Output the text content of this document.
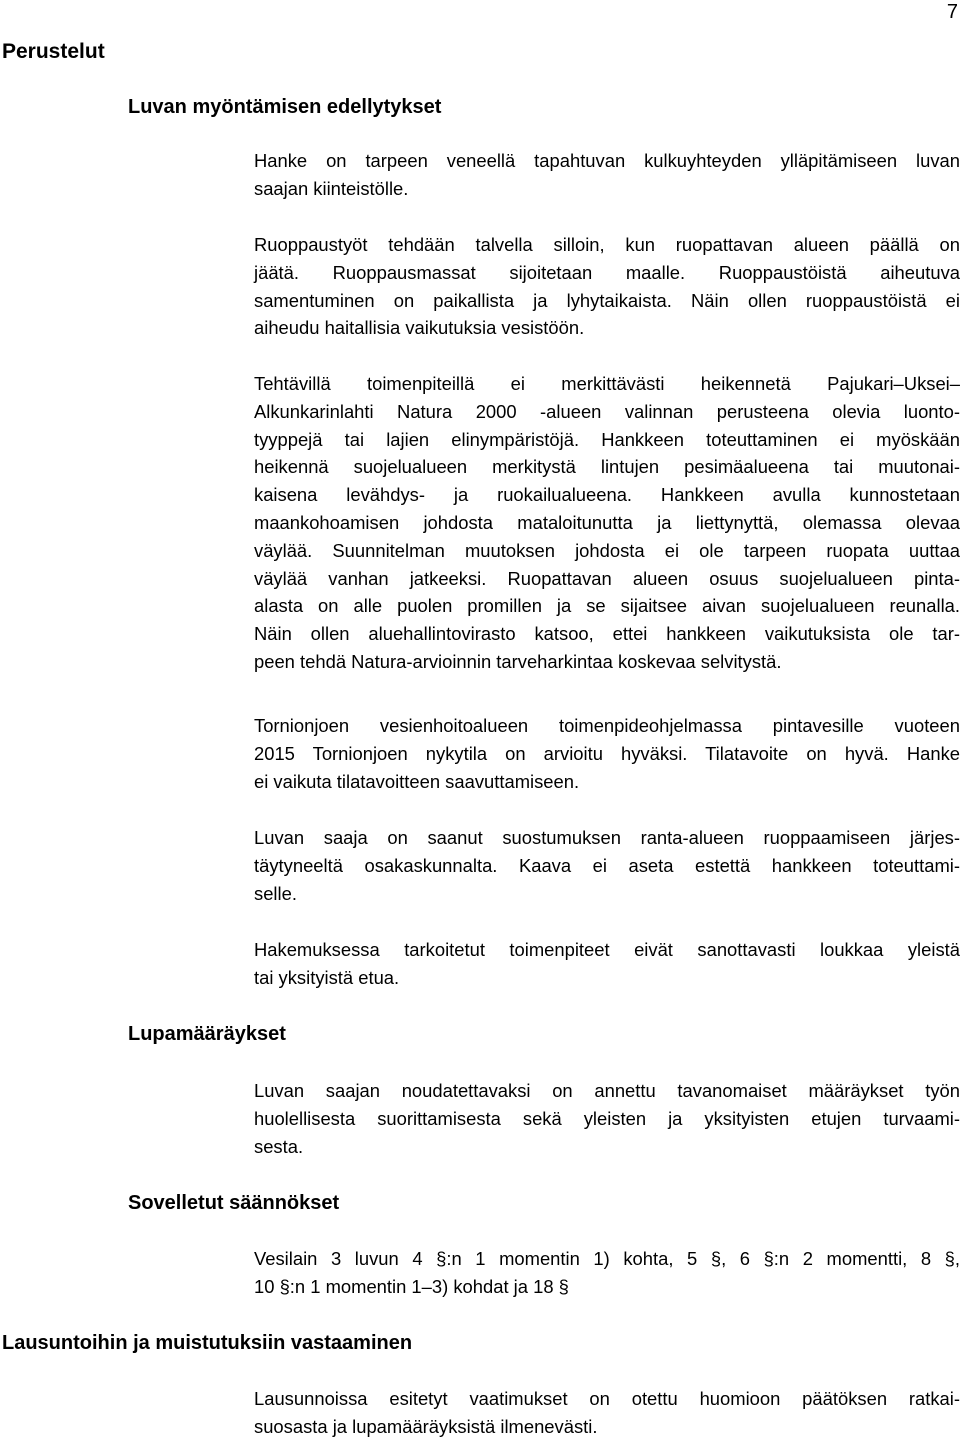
7
Perustelut
Luvan myöntämisen edellytykset
Hanke on tarpeen veneellä tapahtuvan kulkuyhteyden ylläpitämiseen luvan
saajan kiinteistölle.
Ruoppaustyöt tehdään talvella silloin, kun ruopattavan alueen päällä on
jäätä. Ruoppausmassat sijoitetaan maalle. Ruoppaustöistä aiheutuva
samentuminen on paikallista ja lyhytaikaista. Näin ollen ruoppaustöistä ei
aiheudu haitallisia vaikutuksia vesistöön.
Tehtävillä toimenpiteillä ei merkittävästi heikennetä Pajukari–Uksei–
Alkunkarinlahti Natura 2000 -alueen valinnan perusteena olevia luonto-
tyyppejä tai lajien elinympäristöjä. Hankkeen toteuttaminen ei myöskään
heikennä suojelualueen merkitystä lintujen pesimäalueena tai muutonai-
kaisena levähdys- ja ruokailualueena. Hankkeen avulla kunnostetaan
maankohoamisen johdosta mataloitunutta ja liettynyttä, olemassa olevaa
väylää. Suunnitelman muutoksen johdosta ei ole tarpeen ruopata uuttaa
väylää vanhan jatkeeksi. Ruopattavan alueen osuus suojelualueen pinta-
alasta on alle puolen promillen ja se sijaitsee aivan suojelualueen reunalla.
Näin ollen aluehallintovirasto katsoo, ettei hankkeen vaikutuksista ole tar-
peen tehdä Natura-arvioinnin tarveharkintaa koskevaa selvitystä.
Tornionjoen vesienhoitoalueen toimenpideohjelmassa pintavesille vuoteen
2015 Tornionjoen nykytila on arvioitu hyväksi. Tilatavoite on hyvä. Hanke
ei vaikuta tilatavoitteen saavuttamiseen.
Luvan saaja on saanut suostumuksen ranta-alueen ruoppaamiseen järjes-
täytyneeltä osakaskunnalta. Kaava ei aseta estettä hankkeen toteuttami-
selle.
Hakemuksessa tarkoitetut toimenpiteet eivät sanottavasti loukkaa yleistä
tai yksityistä etua.
Lupamääräykset
Luvan saajan noudatettavaksi on annettu tavanomaiset määräykset työn
huolellisesta suorittamisesta sekä yleisten ja yksityisten etujen turvaami-
sesta.
Sovelletut säännökset
Vesilain 3 luvun 4 §:n 1 momentin 1) kohta, 5 §, 6 §:n 2 momentti, 8 §,
10 §:n 1 momentin 1–3) kohdat ja 18 §
Lausuntoihin ja muistutuksiin vastaaminen
Lausunnoissa esitetyt vaatimukset on otettu huomioon päätöksen ratkai-
suosasta ja lupamääräyksistä ilmenevästi.
